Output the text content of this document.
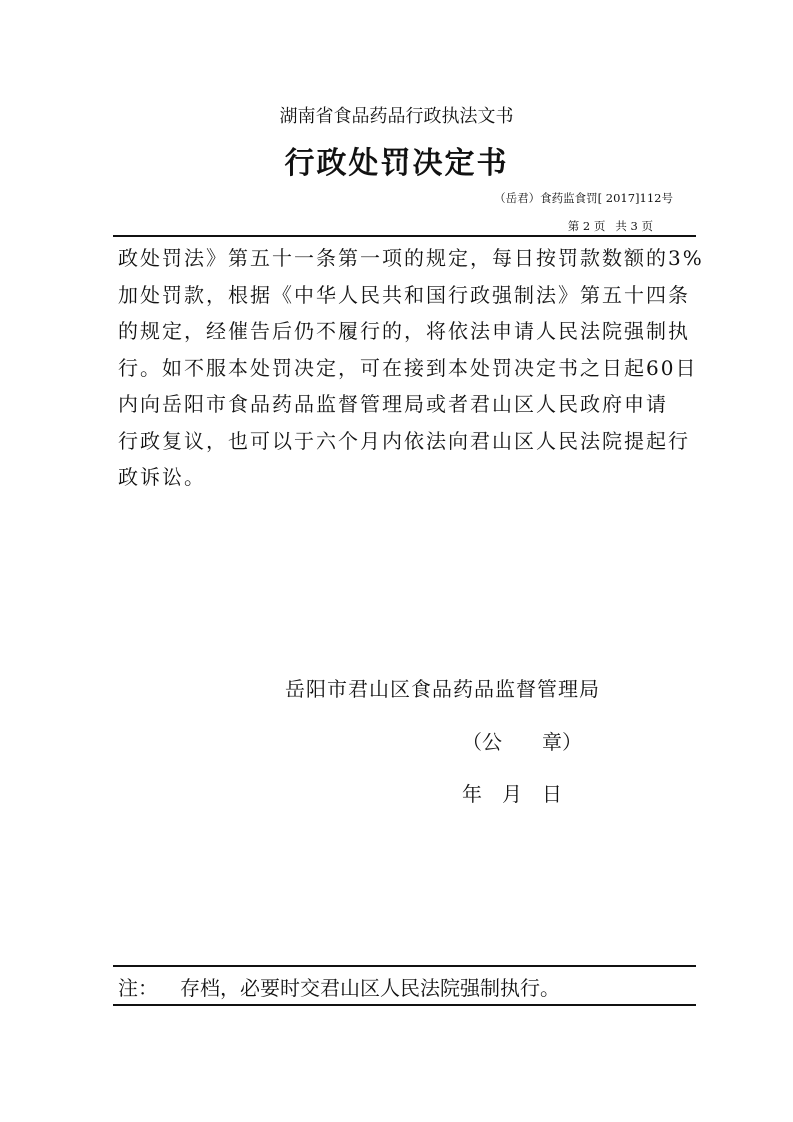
湖南省食品药品行政执法文书
行政处罚决定书
（岳君）食药监食罚[ 2017]112号
第 2 页 共 3 页
政处罚法》第五十一条第一项的规定，每日按罚款数额的3%
加处罚款，根据《中华人民共和国行政强制法》第五十四条
的规定，经催告后仍不履行的，将依法申请人民法院强制执
行。如不服本处罚决定，可在接到本处罚决定书之日起60日
内向岳阳市食品药品监督管理局或者君山区人民政府申请
行政复议，也可以于六个月内依法向君山区人民法院提起行
政诉讼。
岳阳市君山区食品药品监督管理局
（公　　章）
年　月　日
注： 存档，必要时交君山区人民法院强制执行。
